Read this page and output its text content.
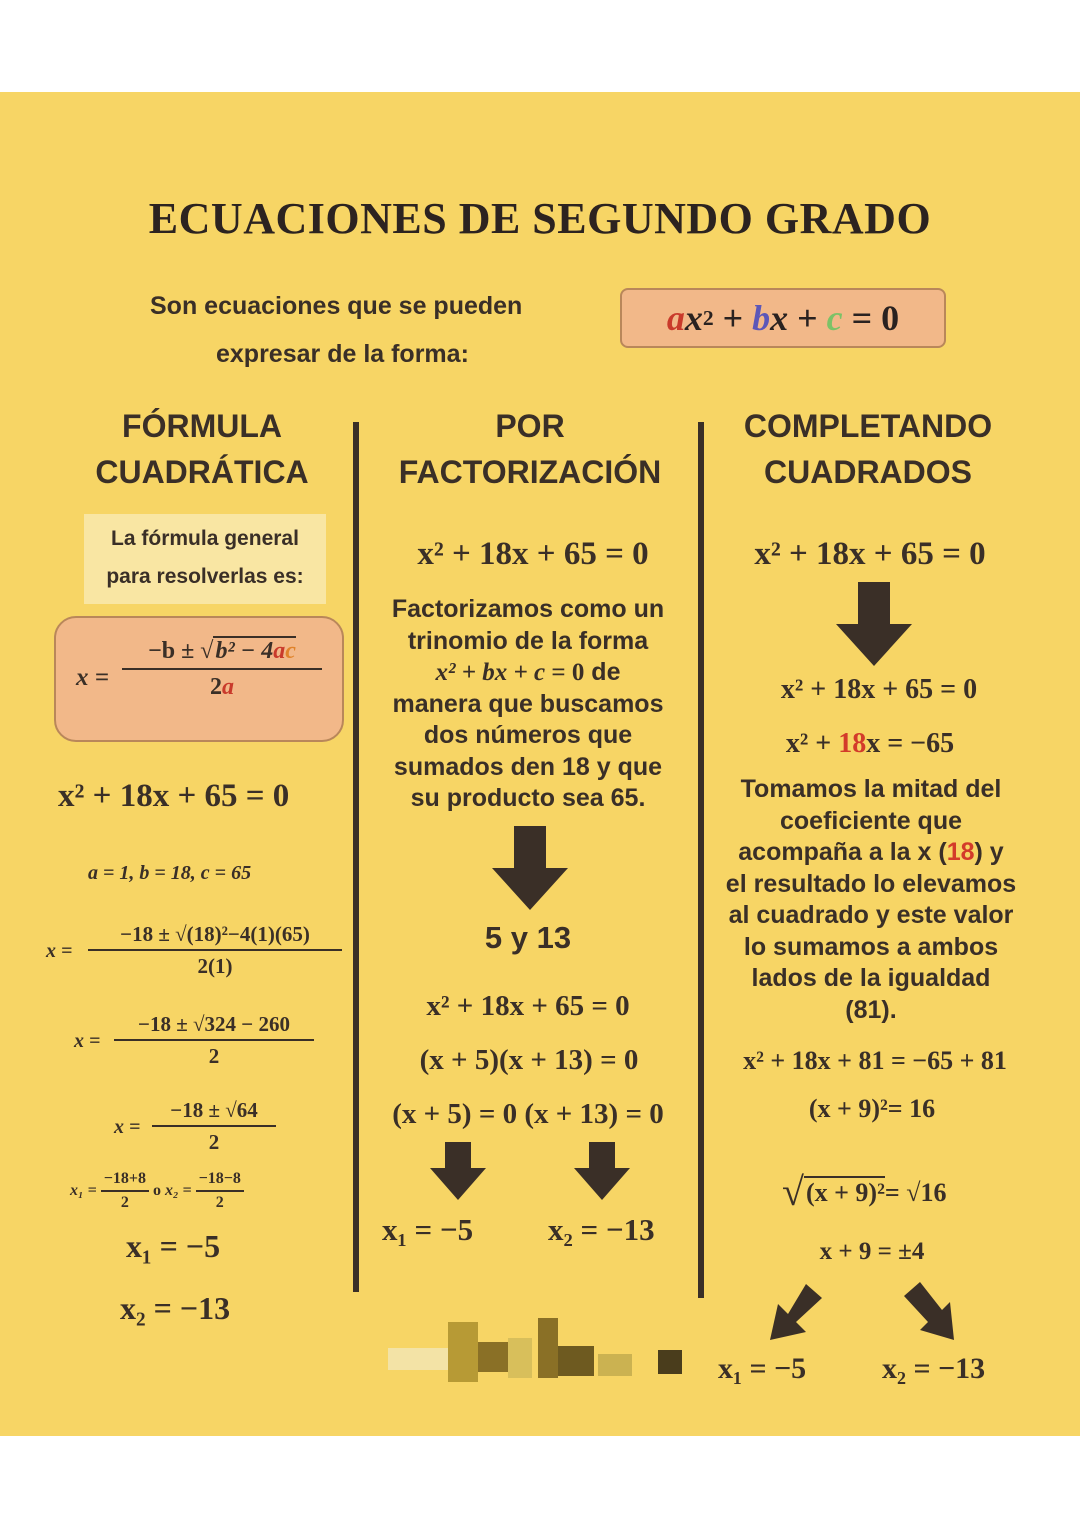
ECUACIONES DE SEGUNDO GRADO
Son ecuaciones que se pueden
expresar de la forma:
a x 2 + b x + c
= 0
FÓRMULA
CUADRÁTICA
POR
FACTORIZACIÓN
COMPLETANDO
CUADRADOS
La fórmula general
para resolverlas es:
x =
−b ± √b² − 4ac
2a
x² + 18x + 65 = 0
a = 1, b = 18, c = 65
$x = \frac{\text{−18 ± √(18)²−4(1)(65)}}{2(1)}$
$x = \frac{-18 \pm √324 - 260}{2}$
$x = \frac{-18 \pm √64}{2}$
$x_1 = \frac{-18+8}{2}$ o $x_2 = \frac{-18-8}{2}$
x₁ = −5
x₂ = −13
x² + 18x + 65 = 0
Factorizamos como un
trinomio de la forma
x² + bx + c = 0 de
manera que buscamos
dos números que
sumados den 18 y que
su producto sea 65.
5 y 13
x² + 18x + 65 = 0
(x + 5)(x + 13) = 0
(x + 5) = 0 (x + 13) = 0
x₁ = −5 x₂ = −13
x² + 18x + 65 = 0
x² + 18x + 65 = 0
x² + 18x = −65
Tomamos la mitad del
coeficiente que
acompaña a la x (18) y
el resultado lo elevamos
al cuadrado y este valor
lo sumamos a ambos
lados de la igualdad
(81).
x² + 18x + 81 = −65 + 81
(x + 9)²= 16
√(x + 9)²= √16
x + 9 = ±4
x₁ = −5	x₂ = −13
